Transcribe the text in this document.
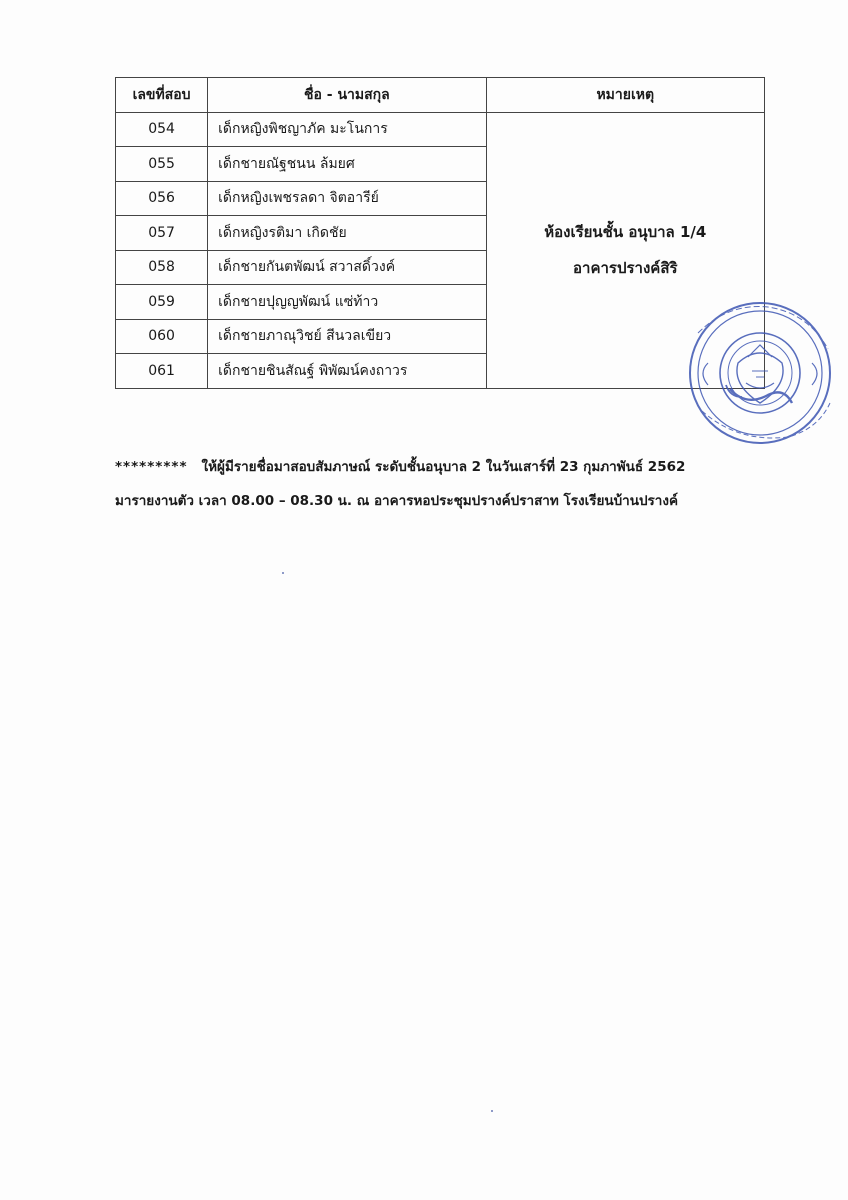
เลขที่สอบ	ชื่อ - นามสกุล	หมายเหตุ
054	เด็กหญิงพิชญาภัค มะโนการ	ห้องเรียนชั้น อนุบาล 1/4
อาคารปรางค์สิริ

055	เด็กชายณัฐชนน ล้มยศ	
056	เด็กหญิงเพชรลดา จิตอารีย์	
057	เด็กหญิงรติมา เกิดชัย	
058	เด็กชายกันตพัฒน์ สวาสดิ์วงค์	
059	เด็กชายปุญญพัฒน์ แซ่ท้าว	
060	เด็กชายภาณุวิชย์ สีนวลเขียว	
061	เด็กชายชินสัณฐ์ พิพัฒน์คงถาวร	
********* ให้ผู้มีรายชื่อมาสอบสัมภาษณ์ ระดับชั้นอนุบาล 2 ในวันเสาร์ที่ 23 กุมภาพันธ์ 2562
มารายงานตัว เวลา 08.00 – 08.30 น. ณ อาคารหอประชุมปรางค์ปราสาท โรงเรียนบ้านปรางค์
